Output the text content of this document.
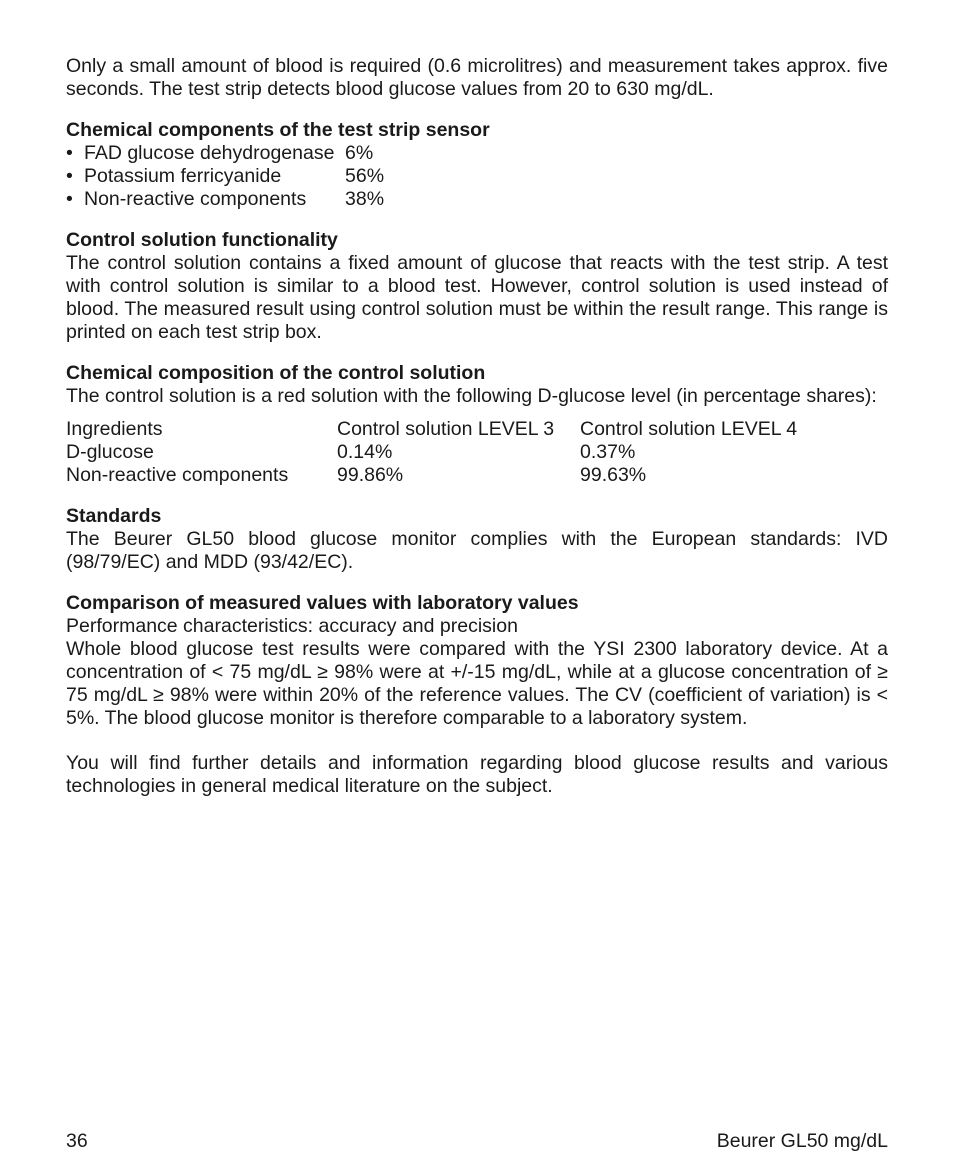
Only a small amount of blood is required (0.6 microlitres) and measurement takes approx. five seconds. The test strip detects blood glucose values from 20 to 630 mg/dL.

Chemical components of the test strip sensor

• FAD glucose dehydrogenase 6%
• Potassium ferricyanide	56%
• Non-reactive components	38%

Control solution functionality

The control solution contains a fixed amount of glucose that reacts with the test strip. A test with control solution is similar to a blood test. However, control solution is used instead of blood. The measured result using control solution must be within the result range. This range is printed on each test strip box.

Chemical composition of the control solution

The control solution is a red solution with the following D-glucose level (in percentage shares):

Ingredients	Control solution LEVEL 3	Control solution LEVEL 4
D-glucose	0.14%	0.37%
Non-reactive components	99.86%	99.63%

Standards

The Beurer GL50 blood glucose monitor complies with the European standards: IVD (98/79/EC) and MDD (93/42/EC).

Comparison of measured values with laboratory values

Performance characteristics: accuracy and precision

Whole blood glucose test results were compared with the YSI 2300 laboratory device. At a concentration of < 75 mg/dL ≥ 98% were at +/-15 mg/dL, while at a glucose concentration of ≥ 75 mg/dL ≥ 98% were within 20% of the reference values. The CV (coefficient of variation) is < 5%. The blood glucose monitor is therefore comparable to a laboratory system.

You will find further details and information regarding blood glucose results and various technologies in general medical literature on the subject.

36	Beurer GL50 mg/dL
